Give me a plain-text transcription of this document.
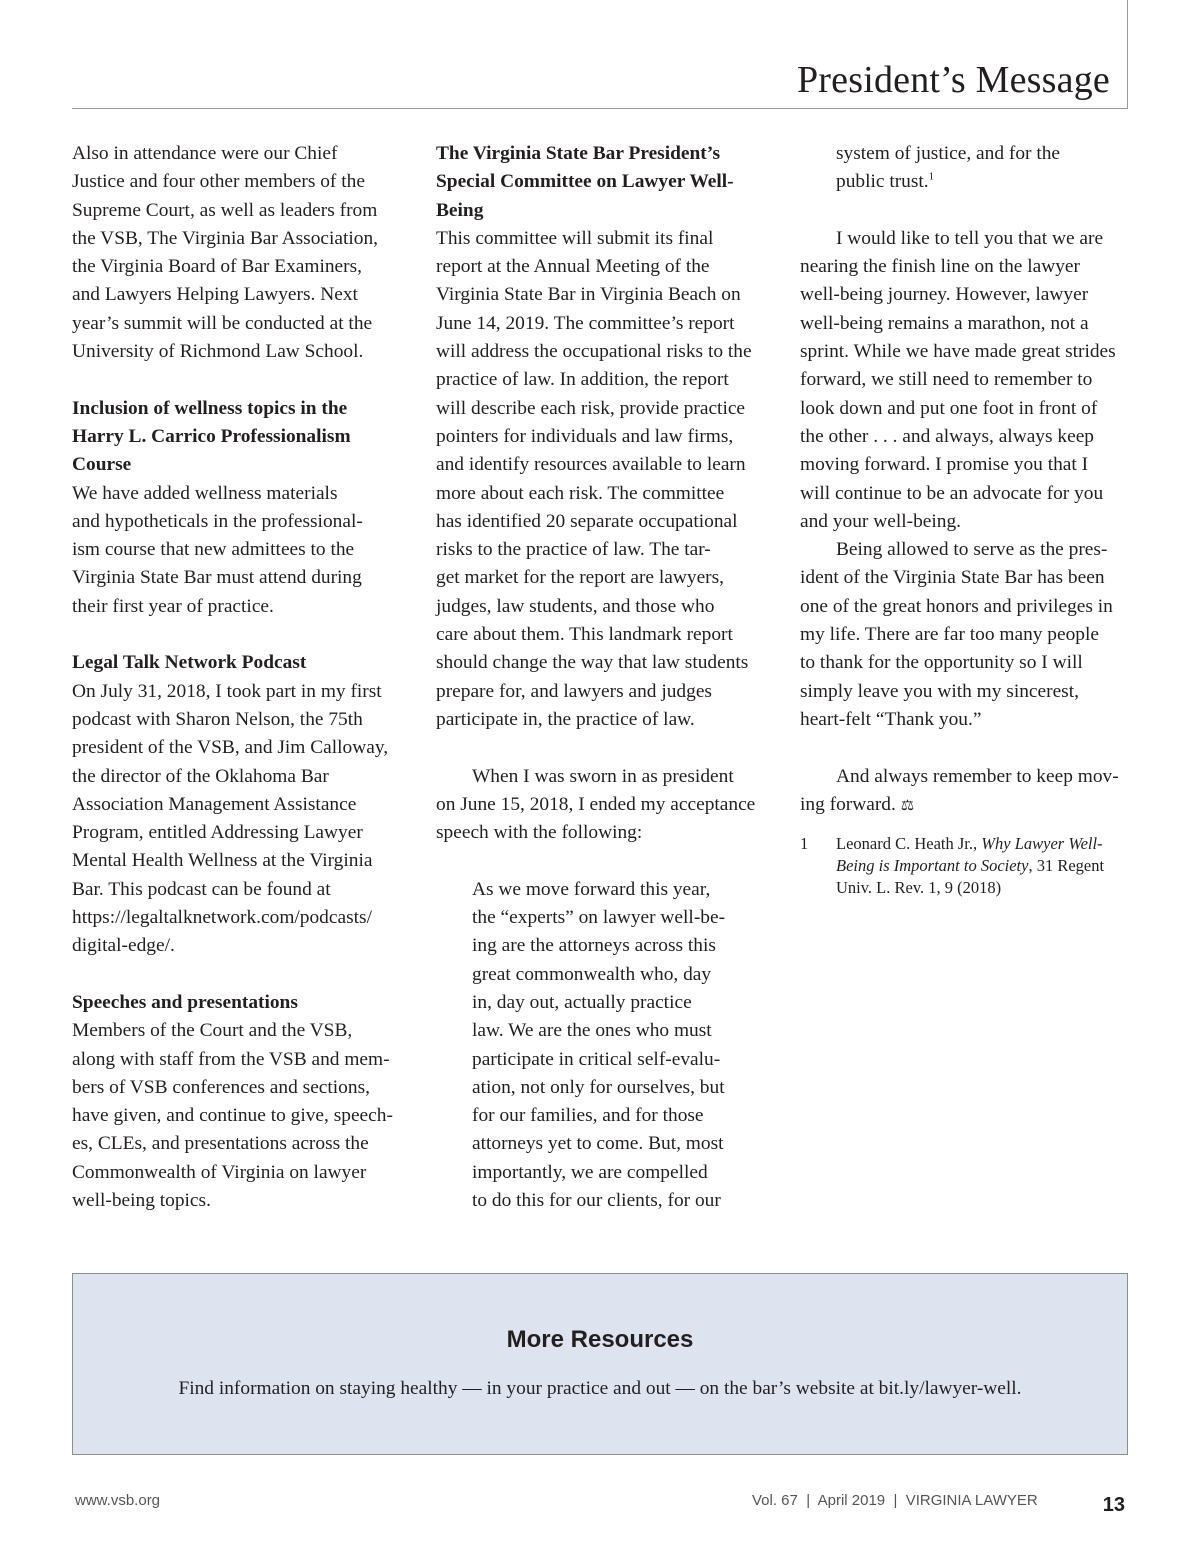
President’s Message

Also in attendance were our Chief
Justice and four other members of the
Supreme Court, as well as leaders from
the VSB, The Virginia Bar Association,
the Virginia Board of Bar Examiners,
and Lawyers Helping Lawyers. Next
year’s summit will be conducted at the
University of Richmond Law School.

Inclusion of wellness topics in the
Harry L. Carrico Professionalism
Course

We have added wellness materials
and hypotheticals in the professional-
ism course that new admittees to the
Virginia State Bar must attend during
their first year of practice.

Legal Talk Network Podcast

On July 31, 2018, I took part in my first
podcast with Sharon Nelson, the 75th
president of the VSB, and Jim Calloway,
the director of the Oklahoma Bar
Association Management Assistance
Program, entitled Addressing Lawyer
Mental Health Wellness at the Virginia
Bar. This podcast can be found at
https://legaltalknetwork.com/podcasts/
digital-edge/.

Speeches and presentations

Members of the Court and the VSB,
along with staff from the VSB and mem-
bers of VSB conferences and sections,
have given, and continue to give, speech-
es, CLEs, and presentations across the
Commonwealth of Virginia on lawyer
well-being topics.

The Virginia State Bar President’s
Special Committee on Lawyer Well-
Being

This committee will submit its final
report at the Annual Meeting of the
Virginia State Bar in Virginia Beach on
June 14, 2019. The committee’s report
will address the occupational risks to the
practice of law. In addition, the report
will describe each risk, provide practice
pointers for individuals and law firms,
and identify resources available to learn
more about each risk. The committee
has identified 20 separate occupational
risks to the practice of law. The tar-
get market for the report are lawyers,
judges, law students, and those who
care about them. This landmark report
should change the way that law students
prepare for, and lawyers and judges
participate in, the practice of law.

When I was sworn in as president
on June 15, 2018, I ended my acceptance
speech with the following:

As we move forward this year,
the “experts” on lawyer well-be-
ing are the attorneys across this
great commonwealth who, day
in, day out, actually practice
law. We are the ones who must
participate in critical self-evalu-
ation, not only for ourselves, but
for our families, and for those
attorneys yet to come. But, most
importantly, we are compelled
to do this for our clients, for our

system of justice, and for the
public trust.$^1$

I would like to tell you that we are
nearing the finish line on the lawyer
well-being journey. However, lawyer
well-being remains a marathon, not a
sprint. While we have made great strides
forward, we still need to remember to
look down and put one foot in front of
the other . . . and always, always keep
moving forward. I promise you that I
will continue to be an advocate for you
and your well-being.

Being allowed to serve as the pres-
ident of the Virginia State Bar has been
one of the great honors and privileges in
my life. There are far too many people
to thank for the opportunity so I will
simply leave you with my sincerest,
heart-felt “Thank you.”

And always remember to keep mov-
ing forward. ⚖

1	Leonard C. Heath Jr., Why Lawyer Well-
Being is Important to Society, 31 Regent
Univ. L. Rev. 1, 9 (2018)
More Resources
Find information on staying healthy — in your practice and out — on the bar’s website at bit.ly/lawyer-well.
www.vsb.org	Vol. 67  |  April 2019  |  VIRGINIA LAWYER	13
